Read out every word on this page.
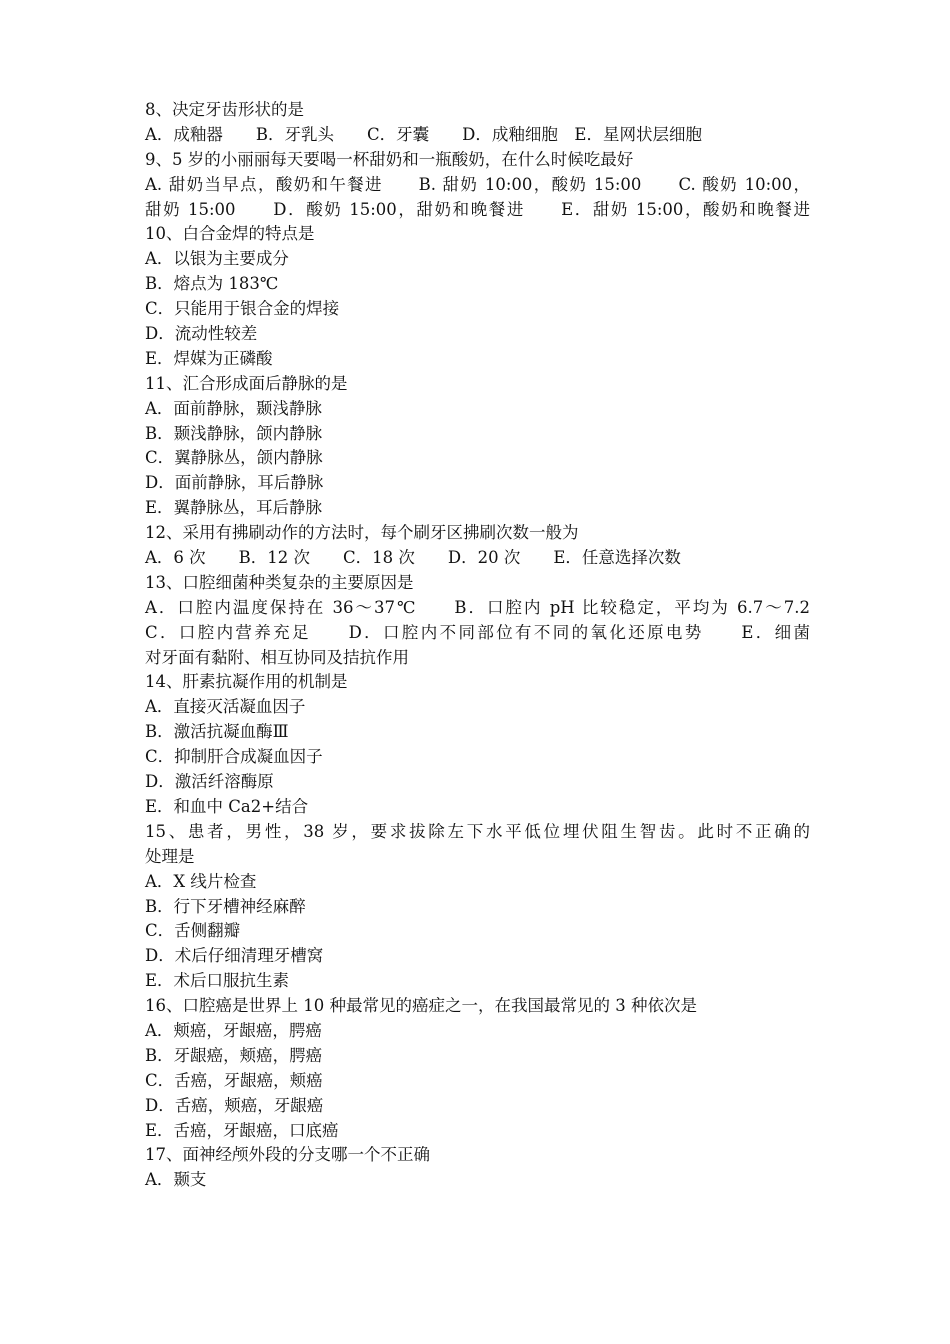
8、决定牙齿形状的是
A．成釉器　　B．牙乳头　　C．牙囊　　D．成釉细胞　E．星网状层细胞
9、5 岁的小丽丽每天要喝一杯甜奶和一瓶酸奶，在什么时候吃最好
A. 甜奶当早点，酸奶和午餐进　　B. 甜奶 10:00，酸奶 15:00　　C. 酸奶 10:00，
甜奶 15:00　　D．酸奶 15:00，甜奶和晚餐进　　E．甜奶 15:00，酸奶和晚餐进
10、白合金焊的特点是
A．以银为主要成分
B．熔点为 183℃
C．只能用于银合金的焊接
D．流动性较差
E．焊媒为正磷酸
11、汇合形成面后静脉的是
A．面前静脉，颞浅静脉
B．颞浅静脉，颌内静脉
C．翼静脉丛，颌内静脉
D．面前静脉，耳后静脉
E．翼静脉丛，耳后静脉
12、采用有拂刷动作的方法时，每个刷牙区拂刷次数一般为
A．6 次　　B．12 次　　C．18 次　　D．20 次　　E．任意选择次数
13、口腔细菌种类复杂的主要原因是
A．口腔内温度保持在 36～37℃　　B．口腔内 pH 比较稳定，平均为 6.7～7.2
C．口腔内营养充足　　D．口腔内不同部位有不同的氧化还原电势　　E．细菌
对牙面有黏附、相互协同及拮抗作用
14、肝素抗凝作用的机制是
A．直接灭活凝血因子
B．激活抗凝血酶Ⅲ
C．抑制肝合成凝血因子
D．激活纤溶酶原
E．和血中 Ca2+结合
15、患者，男性，38 岁，要求拔除左下水平低位埋伏阻生智齿。此时不正确的
处理是
A．X 线片检查
B．行下牙槽神经麻醉
C．舌侧翻瓣
D．术后仔细清理牙槽窝
E．术后口服抗生素
16、口腔癌是世界上 10 种最常见的癌症之一，在我国最常见的 3 种依次是
A．颊癌，牙龈癌，腭癌
B．牙龈癌，颊癌，腭癌
C．舌癌，牙龈癌，颊癌
D．舌癌，颊癌，牙龈癌
E．舌癌，牙龈癌，口底癌
17、面神经颅外段的分支哪一个不正确
A．颞支
